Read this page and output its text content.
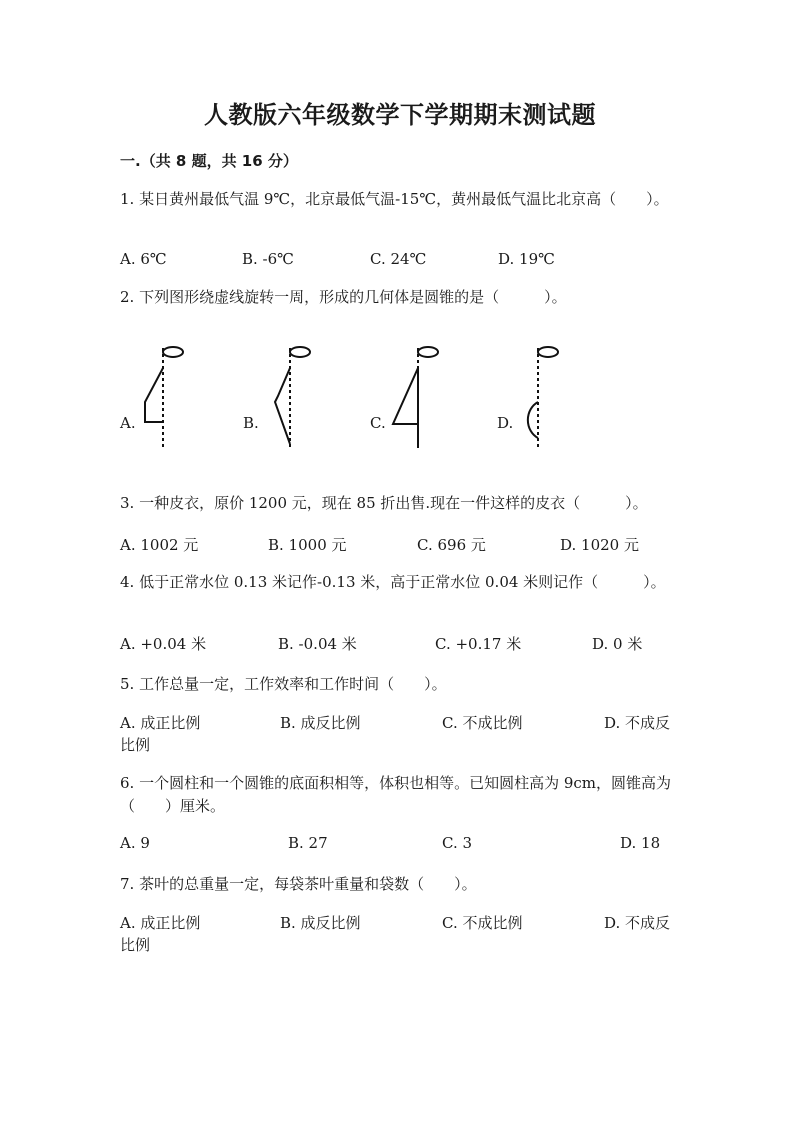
人教版六年级数学下学期期末测试题
一.（共 8 题，共 16 分）
1. 某日黄州最低气温 9℃，北京最低气温-15℃，黄州最低气温比北京高（　　）。
A. 6℃	B. -6℃	C. 24℃	D. 19℃
2. 下列图形绕虚线旋转一周，形成的几何体是圆锥的是（　　　）。
A.	B.	C.	D.
3. 一种皮衣，原价 1200 元，现在 85 折出售.现在一件这样的皮衣（　　　）。
A. 1002 元	B. 1000 元	C. 696 元	D. 1020 元
4. 低于正常水位 0.13 米记作-0.13 米，高于正常水位 0.04 米则记作（　　　）。
A. +0.04 米	B. -0.04 米	C. +0.17 米	D. 0 米
5. 工作总量一定，工作效率和工作时间（　　）。
A. 成正比例	B. 成反比例	C. 不成比例	D. 不成反
比例
6. 一个圆柱和一个圆锥的底面积相等，体积也相等。已知圆柱高为 9cm，圆锥高为（　　）厘米。
A. 9	B. 27	C. 3	D. 18
7. 茶叶的总重量一定，每袋茶叶重量和袋数（　　）。
A. 成正比例	B. 成反比例	C. 不成比例	D. 不成反
比例
